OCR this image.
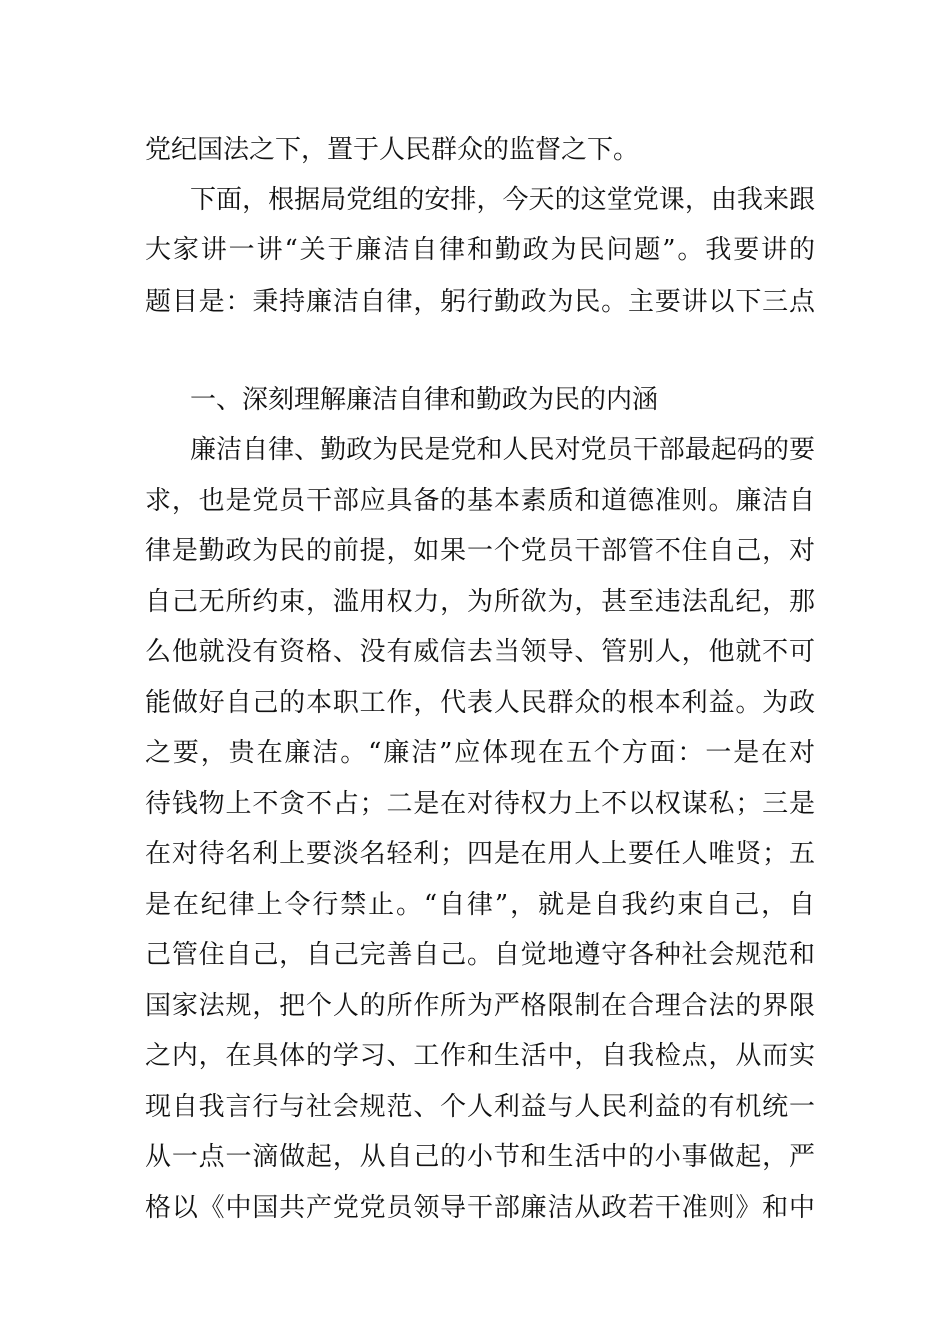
党纪国法之下，置于人民群众的监督之下。
下面，根据局党组的安排，今天的这堂党课，由我来跟
大家讲一讲“关于廉洁自律和勤政为民问题”。我要讲的
题目是：秉持廉洁自律，躬行勤政为民。主要讲以下三点
一、深刻理解廉洁自律和勤政为民的内涵
廉洁自律、勤政为民是党和人民对党员干部最起码的要
求，也是党员干部应具备的基本素质和道德准则。廉洁自
律是勤政为民的前提，如果一个党员干部管不住自己，对
自己无所约束，滥用权力，为所欲为，甚至违法乱纪，那
么他就没有资格、没有威信去当领导、管别人，他就不可
能做好自己的本职工作，代表人民群众的根本利益。为政
之要，贵在廉洁。“廉洁”应体现在五个方面：一是在对
待钱物上不贪不占；二是在对待权力上不以权谋私；三是
在对待名利上要淡名轻利；四是在用人上要任人唯贤；五
是在纪律上令行禁止。“自律”，就是自我约束自己，自
己管住自己，自己完善自己。自觉地遵守各种社会规范和
国家法规，把个人的所作所为严格限制在合理合法的界限
之内，在具体的学习、工作和生活中，自我检点，从而实
现自我言行与社会规范、个人利益与人民利益的有机统一
从一点一滴做起，从自己的小节和生活中的小事做起，严
格以《中国共产党党员领导干部廉洁从政若干准则》和中
